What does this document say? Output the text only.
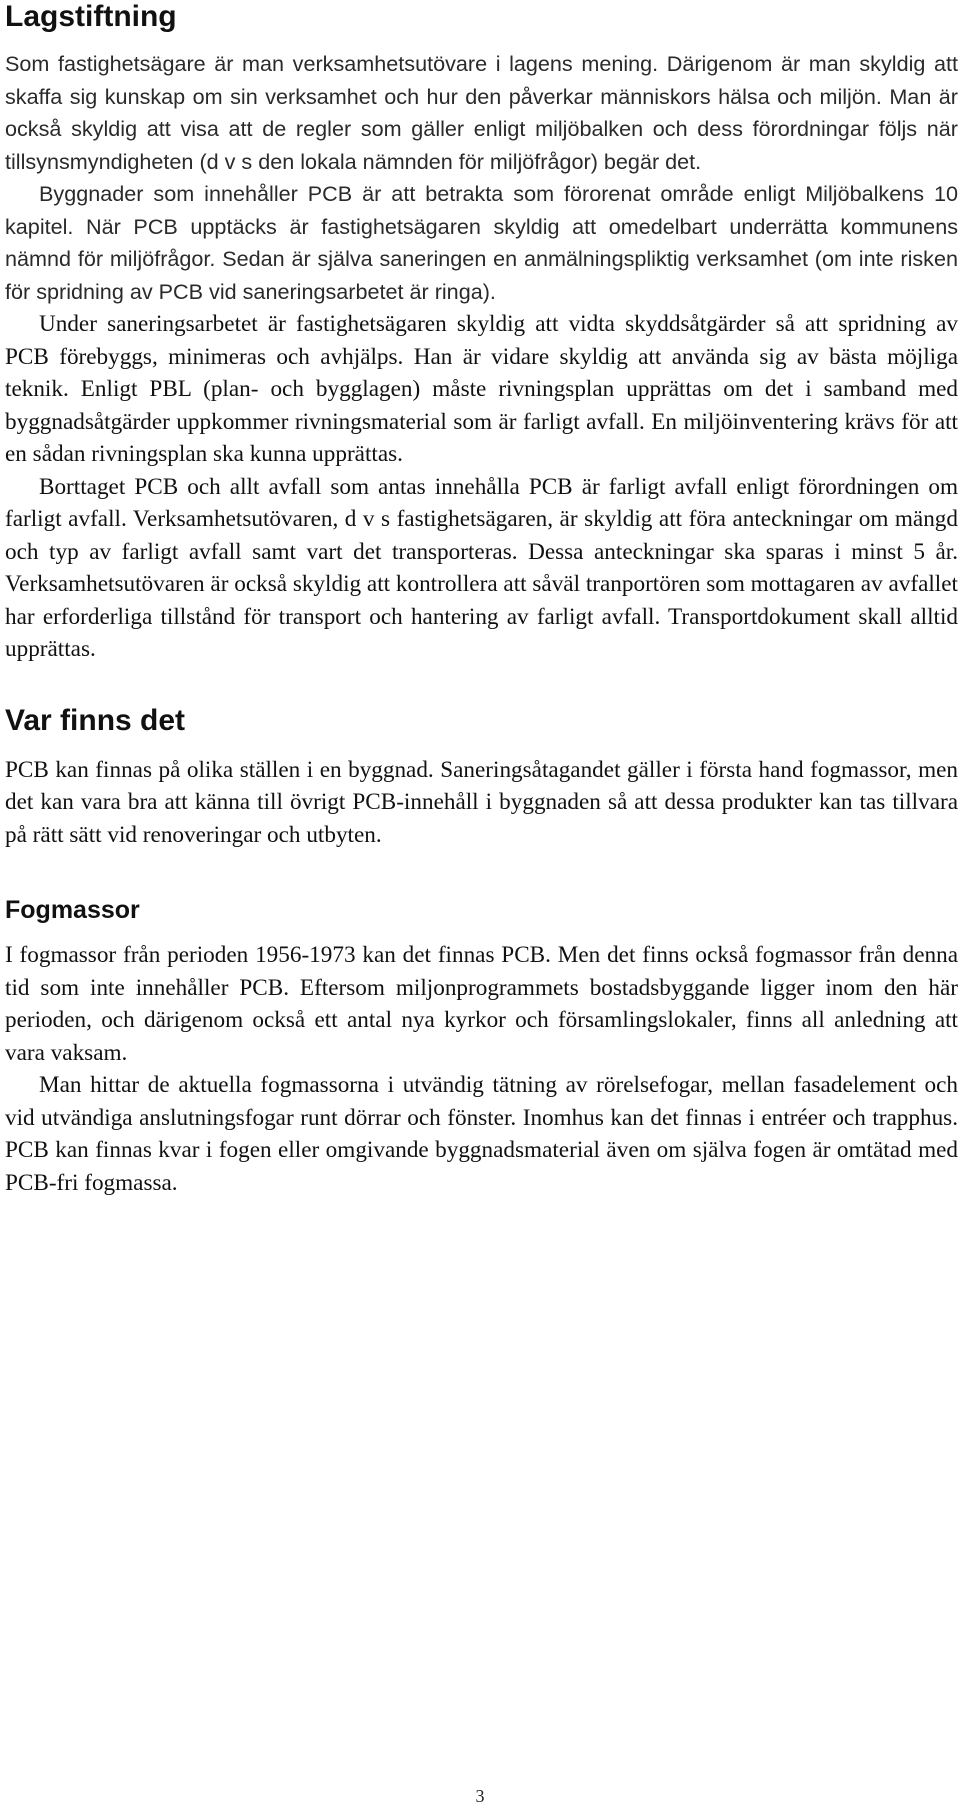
Lagstiftning

Som fastighetsägare är man verksamhetsutövare i lagens mening. Därigenom är man skyldig att skaffa sig kunskap om sin verksamhet och hur den påverkar människors hälsa och miljön. Man är också skyldig att visa att de regler som gäller enligt miljöbalken och dess förordningar följs när tillsynsmyndigheten (d v s den lokala nämnden för miljöfrågor) begär det.

Byggnader som innehåller PCB är att betrakta som förorenat område enligt Miljöbalkens 10 kapitel. När PCB upptäcks är fastighetsägaren skyldig att omedelbart underrätta kommunens nämnd för miljöfrågor. Sedan är själva saneringen en anmälningspliktig verksamhet (om inte risken för spridning av PCB vid saneringsarbetet är ringa).

Under saneringsarbetet är fastighetsägaren skyldig att vidta skyddsåtgärder så att spridning av PCB förebyggs, minimeras och avhjälps. Han är vidare skyldig att använda sig av bästa möjliga teknik. Enligt PBL (plan- och bygglagen) måste rivningsplan upprättas om det i samband med byggnadsåtgärder uppkommer rivningsmaterial som är farligt avfall. En miljöinventering krävs för att en sådan rivningsplan ska kunna upprättas.

Borttaget PCB och allt avfall som antas innehålla PCB är farligt avfall enligt förordningen om farligt avfall. Verksamhetsutövaren, d v s fastighetsägaren, är skyldig att föra anteckningar om mängd och typ av farligt avfall samt vart det transporteras. Dessa anteckningar ska sparas i minst 5 år. Verksamhetsutövaren är också skyldig att kontrollera att såväl tranportören som mottagaren av avfallet har erforderliga tillstånd för transport och hantering av farligt avfall. Transportdokument skall alltid upprättas.

Var finns det

PCB kan finnas på olika ställen i en byggnad. Saneringsåtagandet gäller i första hand fogmassor, men det kan vara bra att känna till övrigt PCB-innehåll i byggnaden så att dessa produkter kan tas tillvara på rätt sätt vid renoveringar och utbyten.

Fogmassor

I fogmassor från perioden 1956-1973 kan det finnas PCB. Men det finns också fogmassor från denna tid som inte innehåller PCB. Eftersom miljonprogrammets bostadsbyggande ligger inom den här perioden, och därigenom också ett antal nya kyrkor och församlingslokaler, finns all anledning att vara vaksam.

Man hittar de aktuella fogmassorna i utvändig tätning av rörelsefogar, mellan fasadelement och vid utvändiga anslutningsfogar runt dörrar och fönster. Inomhus kan det finnas i entréer och trapphus. PCB kan finnas kvar i fogen eller omgivande byggnadsmaterial även om själva fogen är omtätad med PCB-fri fogmassa.

3
